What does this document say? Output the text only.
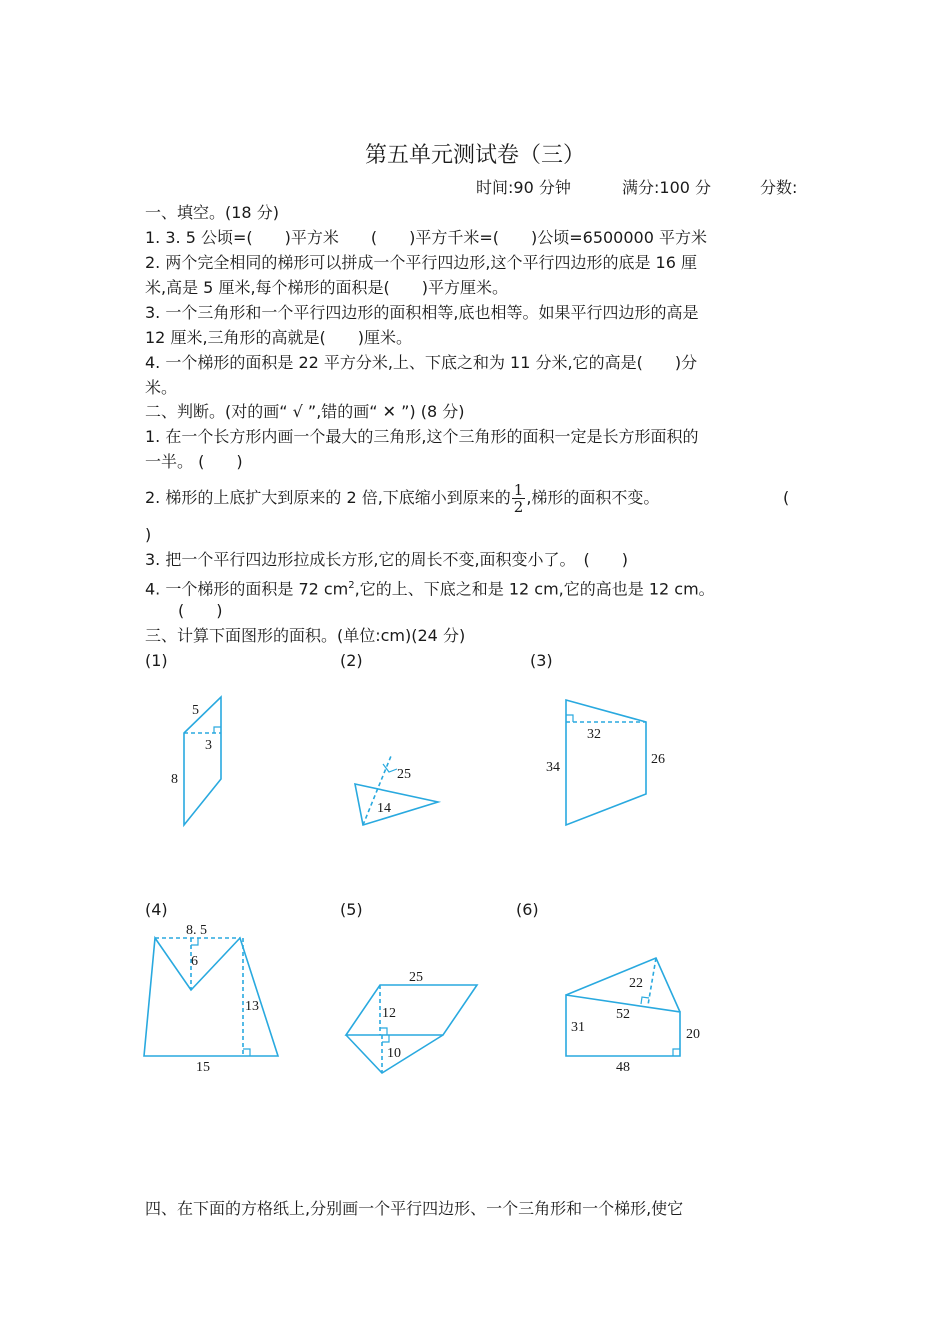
第五单元测试卷（三）
时间:90 分钟	满分:100 分	分数:
一、填空。(18 分)
1. 3. 5 公顷=(　　)平方米　　(　　)平方千米=(　　)公顷=6500000 平方米
2. 两个完全相同的梯形可以拼成一个平行四边形,这个平行四边形的底是 16 厘
米,高是 5 厘米,每个梯形的面积是(　　)平方厘米。
3. 一个三角形和一个平行四边形的面积相等,底也相等。如果平行四边形的高是
12 厘米,三角形的高就是(　　)厘米。
4. 一个梯形的面积是 22 平方分米,上、下底之和为 11 分米,它的高是(　　)分
米。
二、判断。(对的画“ √ ”,错的画“ ✕ ”) (8 分)
1. 在一个长方形内画一个最大的三角形,这个三角形的面积一定是长方形面积的
一半。 (　　)
2. 梯形的上底扩大到原来的 2 倍,下底缩小到原来的 $\frac{1}{2}$ ,梯形的面积不变。	(
)
3. 把一个平行四边形拉成长方形,它的周长不变,面积变小了。　(　　)
4. 一个梯形的面积是 72 $cm^2$,它的上、下底之和是 12 cm,它的高也是 12 cm。
(　　)
三、计算下面图形的面积。(单位:cm)(24 分)
(1)	(2)	(3)
(4)	(5)	(6)
5
3
8	25
14
32
34
26
8. 5
6
13
15
25
12
10
22
52
31	20
48
四、在下面的方格纸上,分别画一个平行四边形、一个三角形和一个梯形,使它
